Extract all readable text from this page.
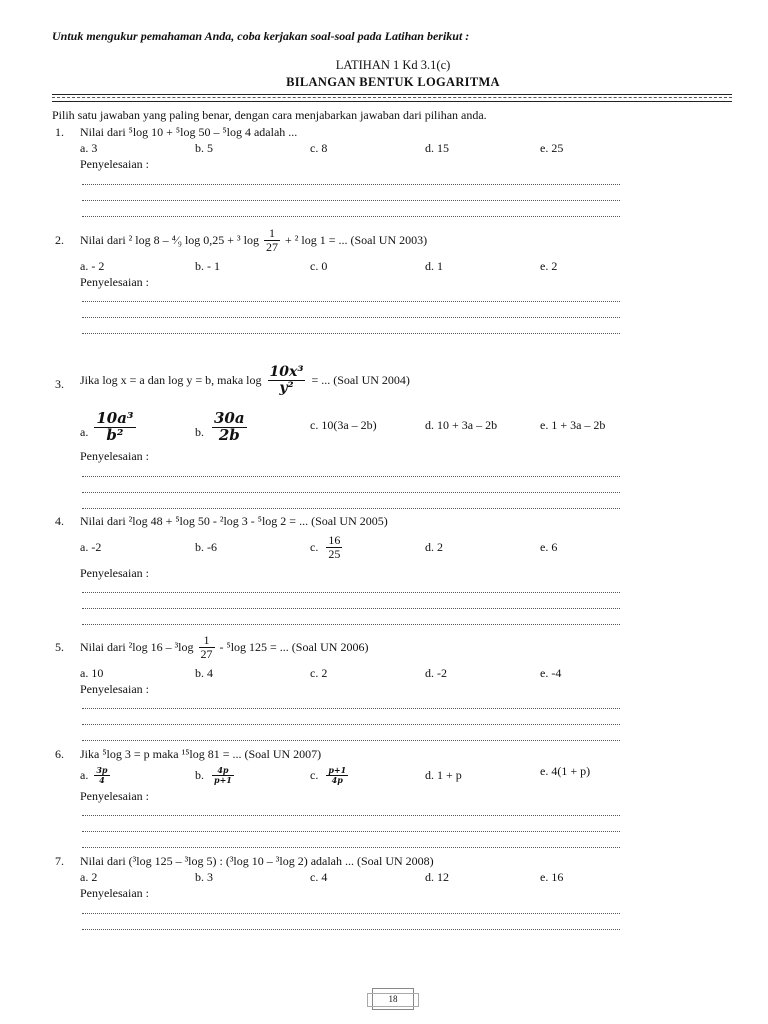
Untuk mengukur pemahaman Anda, coba kerjakan soal-soal pada Latihan berikut :
LATIHAN 1 Kd 3.1(c)
BILANGAN BENTUK LOGARITMA
Pilih satu jawaban yang paling benar, dengan cara menjabarkan jawaban dari pilihan anda.
1. Nilai dari ⁵log 10 + ⁵log 50 – ⁵log 4 adalah ...
a. 3	b. 5	c. 8	d. 15	e. 25
Penyelesaian :
2. Nilai dari ² log 8 – ⁴⁄₉ log 0,25 + ³ $\log \frac{1}{27} + ^2$ log 1 = ... (Soal UN 2003)
a. - 2	b. - 1	c. 0	d. 1	e. 2
Penyelesaian :
3. Jika log x = a dan log y = b, maka $\log \frac{\text{10x³}}{\text{y²}}$ = ... (Soal UN 2004)
a. $\frac{\text{10a³}}{\text{b²}}$	b. $\frac{30a}{2b}$	c. 10(3a – 2b)	d. 10 + 3a – 2b	e. 1 + 3a – 2b
Penyelesaian :
4. Nilai dari ²log 48 + ⁵log 50 - ²log 3 - ⁵log 2 = ... (Soal UN 2005)
a. -2	b. -6	c. $\frac{16}{25}$	d. 2	e. 6
Penyelesaian :
5. Nilai dari ²log $16 - ^3\log \frac{1}{27} - ^5\log$ 125 = ... (Soal UN 2006)
a. 10	b. 4	c. 2	d. -2	e. -4
Penyelesaian :
6. Jika ⁵log 3 = p maka ¹⁵log 81 = ... (Soal UN 2007)
a. $\frac{3p}{4}$	b. $\frac{4p}{p+1}$	c. $\frac{p+1}{4p}$	d. 1 + p	e. 4(1 + p)
Penyelesaian :
7. Nilai dari (³log 125 – ³log 5) : (³log 10 – ³log 2) adalah ... (Soal UN 2008)
a. 2	b. 3	c. 4	d. 12	e. 16
Penyelesaian :
18
